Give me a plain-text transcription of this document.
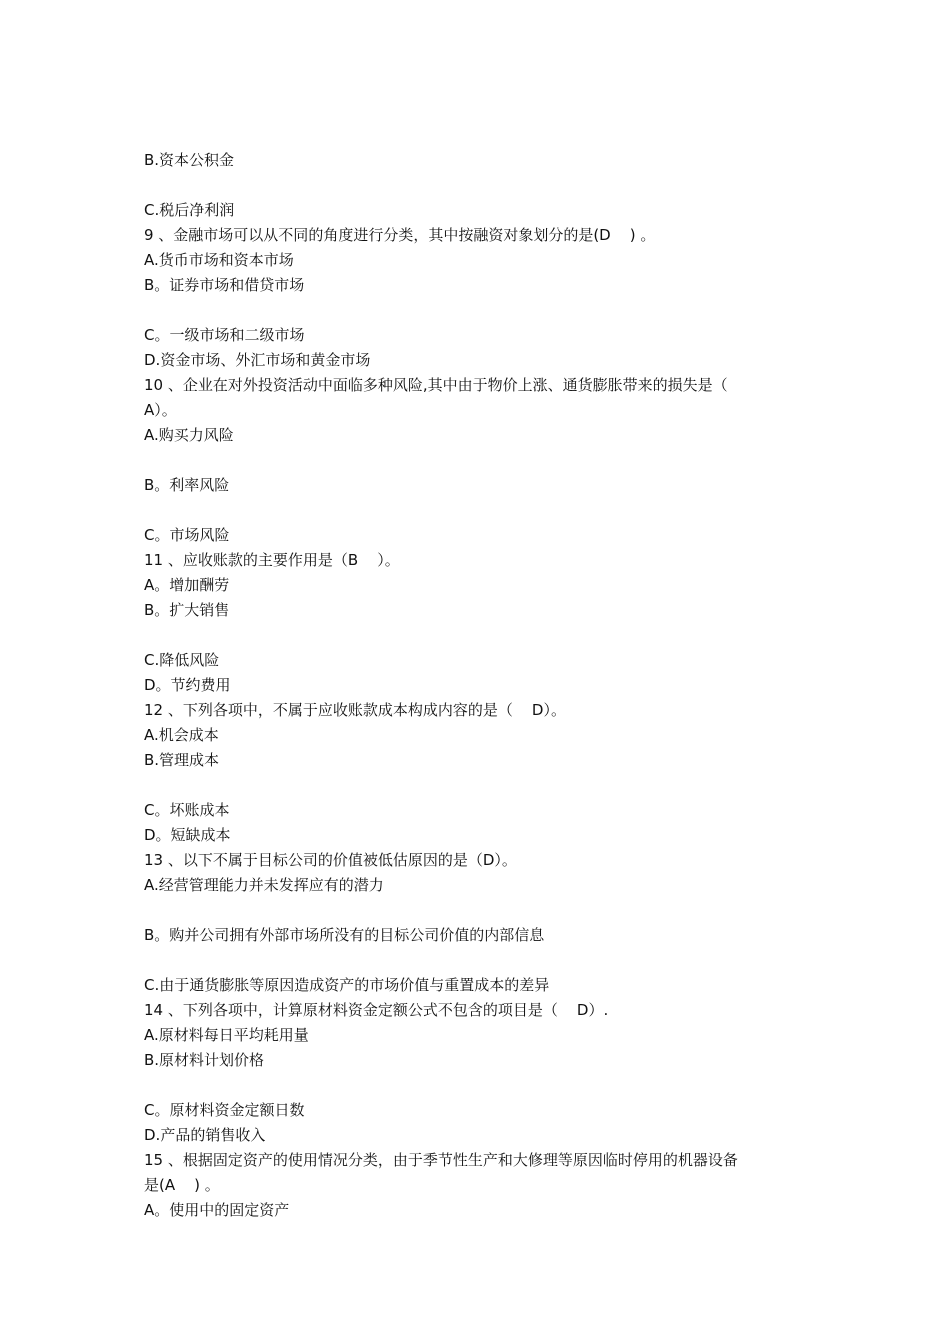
B.资本公积金
C.税后净利润
9 、金融市场可以从不同的角度进行分类，其中按融资对象划分的是(D    ) 。
A.货币市场和资本市场
B。证券市场和借贷市场
C。一级市场和二级市场
D.资金市场、外汇市场和黄金市场
10 、企业在对外投资活动中面临多种风险,其中由于物价上涨、通货膨胀带来的损失是（
A）。
A.购买力风险
B。利率风险
C。市场风险
11 、应收账款的主要作用是（B    ）。
A。增加酬劳
B。扩大销售
C.降低风险
D。节约费用
12 、下列各项中，不属于应收账款成本构成内容的是（    D）。
A.机会成本
B.管理成本
C。坏账成本
D。短缺成本
13 、以下不属于目标公司的价值被低估原因的是（D）。
A.经营管理能力并未发挥应有的潜力
B。购并公司拥有外部市场所没有的目标公司价值的内部信息
C.由于通货膨胀等原因造成资产的市场价值与重置成本的差异
14 、下列各项中，计算原材料资金定额公式不包含的项目是（    D）.
A.原材料每日平均耗用量
B.原材料计划价格
C。原材料资金定额日数
D.产品的销售收入
15 、根据固定资产的使用情况分类，由于季节性生产和大修理等原因临时停用的机器设备
是(A    ) 。
A。使用中的固定资产
